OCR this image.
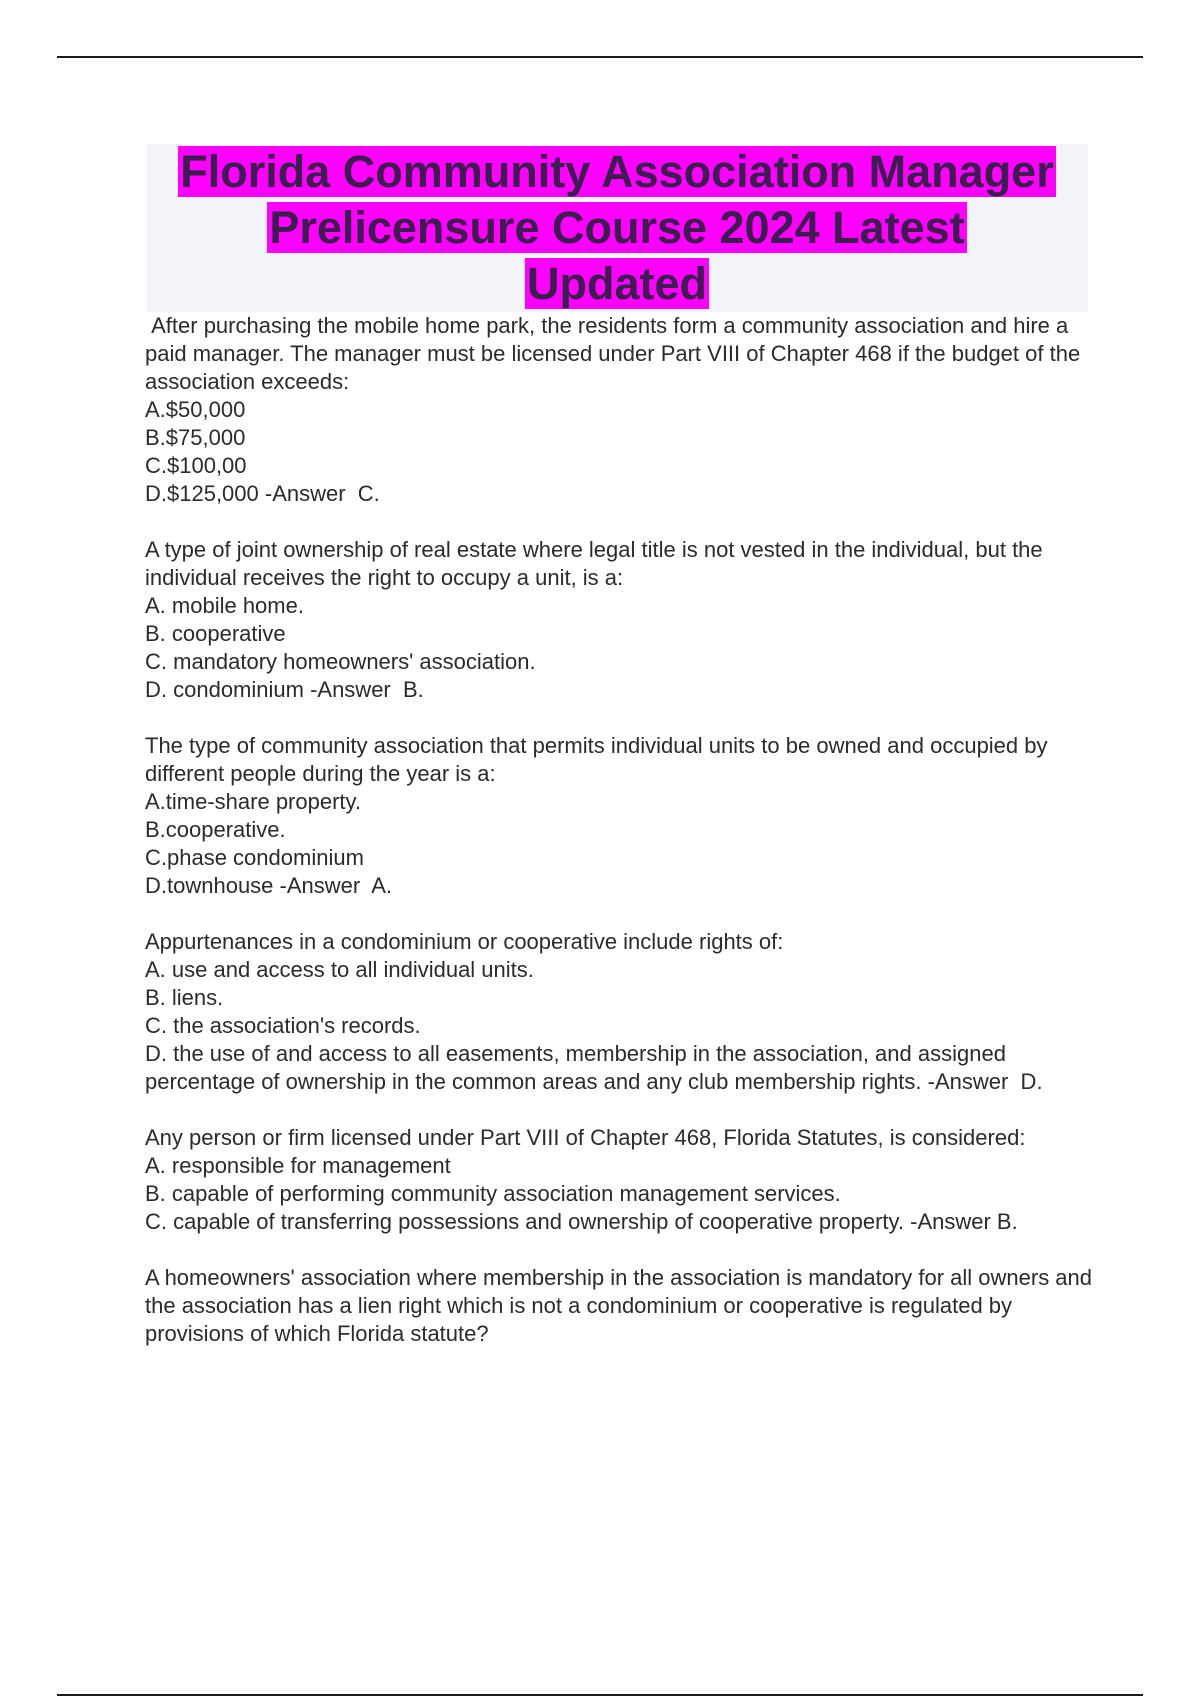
Florida Community Association Manager
Prelicensure Course 2024 Latest
Updated
After purchasing the mobile home park, the residents form a community association and hire a paid manager. The manager must be licensed under Part VIII of Chapter 468 if the budget of the association exceeds:
A.$50,000
B.$75,000
C.$100,00
D.$125,000 -Answer  C.
A type of joint ownership of real estate where legal title is not vested in the individual, but the individual receives the right to occupy a unit, is a:
A. mobile home.
B. cooperative
C. mandatory homeowners' association.
D. condominium -Answer  B.
The type of community association that permits individual units to be owned and occupied by different people during the year is a:
A.time-share property.
B.cooperative.
C.phase condominium
D.townhouse -Answer  A.
Appurtenances in a condominium or cooperative include rights of:
A. use and access to all individual units.
B. liens.
C. the association's records.
D. the use of and access to all easements, membership in the association, and assigned percentage of ownership in the common areas and any club membership rights. -Answer  D.
Any person or firm licensed under Part VIII of Chapter 468, Florida Statutes, is considered:
A. responsible for management
B. capable of performing community association management services.
C. capable of transferring possessions and ownership of cooperative property. -Answer B.
A homeowners' association where membership in the association is mandatory for all owners and the association has a lien right which is not a condominium or cooperative is regulated by provisions of which Florida statute?
